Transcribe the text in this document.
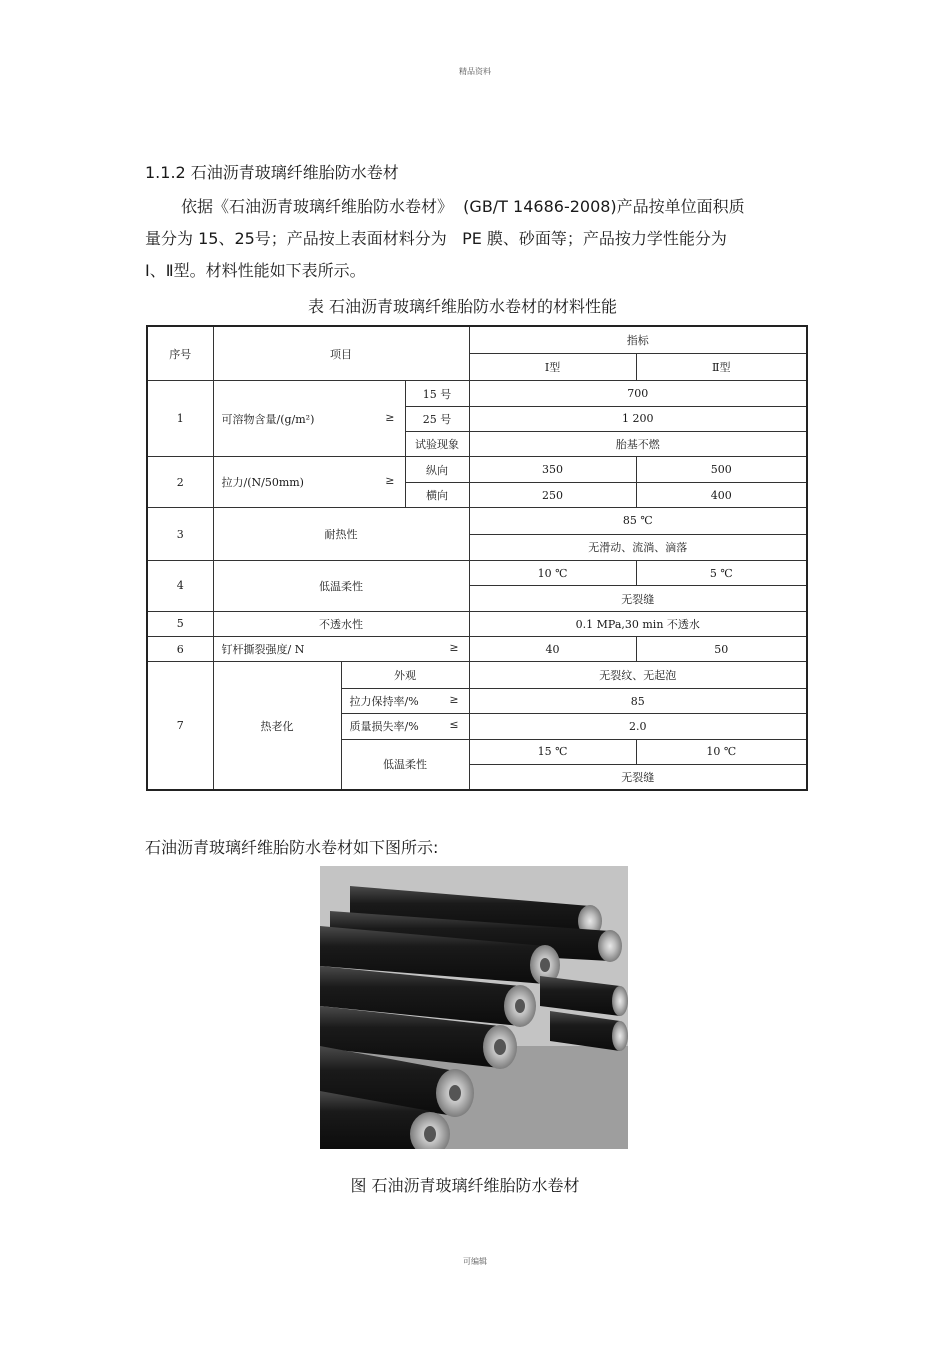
精品资料
1.1.2 石油沥青玻璃纤维胎防水卷材
依据《石油沥青玻璃纤维胎防水卷材》  (GB/T 14686-2008)产品按单位面积质
量分为 15、25号；产品按上表面材料分为   PE 膜、砂面等；产品按力学性能分为
Ⅰ、Ⅱ型。材料性能如下表所示。
表 石油沥青玻璃纤维胎防水卷材的材料性能
序号	项目			指标	
				Ⅰ型	Ⅱ型
1	可溶物含量/(g/m²) ≥		15 号	700	
			25 号	1 200	
			试验现象	胎基不燃	
2	拉力/(N/50mm) ≥		纵向	350	500
			横向	250	400
3	耐热性			85 ℃	
				无滑动、流淌、滴落	
4	低温柔性			10 ℃	5 ℃
				无裂缝	
5	不透水性			0.1 MPa,30 min 不透水	
6	钉杆撕裂强度/ N ≥			40	50
7	热老化	外观		无裂纹、无起泡	
		拉力保持率/% ≥		85	
		质量损失率/% ≤		2.0	
		低温柔性		15 ℃	10 ℃
				无裂缝	
石油沥青玻璃纤维胎防水卷材如下图所示:
图 石油沥青玻璃纤维胎防水卷材
可编辑
